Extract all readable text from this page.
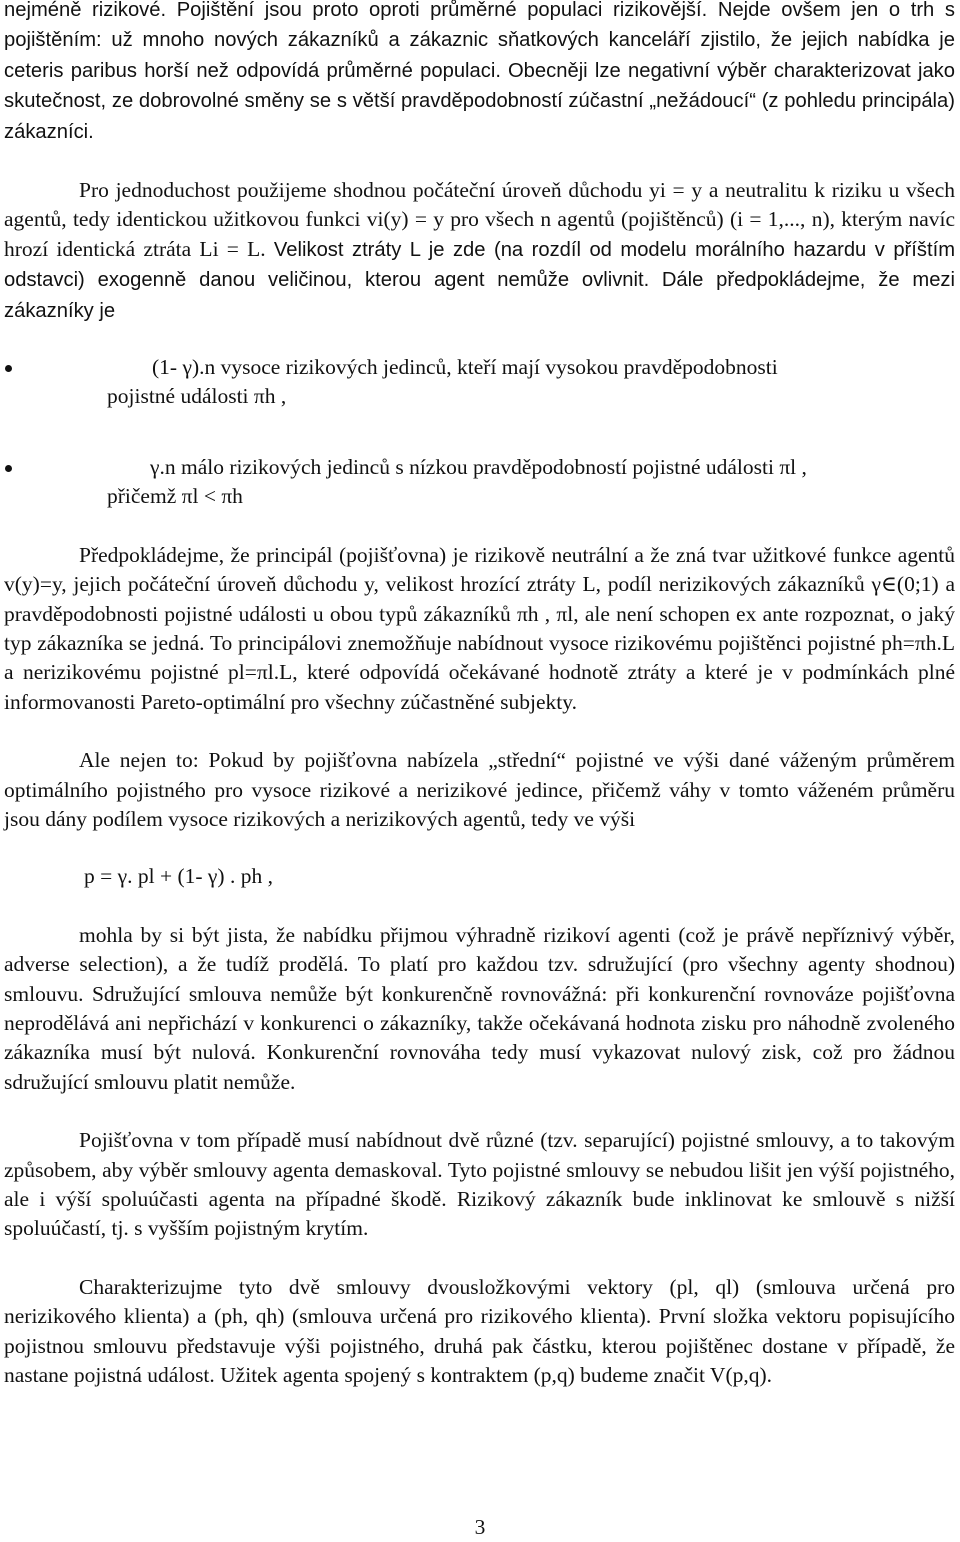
nejméně rizikové. Pojištění jsou proto oproti průměrné populaci rizikovější. Nejde ovšem jen o trh s pojištěním: už mnoho nových zákazníků a zákaznic sňatkových kanceláří zjistilo, že jejich nabídka je ceteris paribus horší než odpovídá průměrné populaci. Obecněji lze negativní výběr charakterizovat jako skutečnost, ze dobrovolné směny se s větší pravděpodobností zúčastní „nežádoucí“ (z pohledu principála) zákazníci.

Pro jednoduchost použijeme shodnou počáteční úroveň důchodu yi = y a neutralitu k riziku u všech agentů, tedy identickou užitkovou funkci vi(y) = y pro všech n agentů (pojištěnců) (i = 1,..., n), kterým navíc hrozí identická ztráta Li = L. Velikost ztráty L je zde (na rozdíl od modelu morálního hazardu v příštím odstavci) exogenně danou veličinou, kterou agent nemůže ovlivnit. Dále předpokládejme, že mezi zákazníky je

(1- γ).n vysoce rizikových jedinců, kteří mají vysokou pravděpodobnosti
pojistné události πh ,
γ.n málo rizikových jedinců s nízkou pravděpodobností pojistné události πl ,
přičemž πl < πh

Předpokládejme, že principál (pojišťovna) je rizikově neutrální a že zná tvar užitkové funkce agentů v(y)=y, jejich počáteční úroveň důchodu y, velikost hrozící ztráty L, podíl nerizikových zákazníků γ∈(0;1) a pravděpodobnosti pojistné události u obou typů zákazníků πh , πl, ale není schopen ex ante rozpoznat, o jaký typ zákazníka se jedná. To principálovi znemožňuje nabídnout vysoce rizikovému pojištěnci pojistné ph=πh.L a nerizikovému pojistné pl=πl.L, které odpovídá očekávané hodnotě ztráty a které je v podmínkách plné informovanosti Pareto-optimální pro všechny zúčastněné subjekty.

Ale nejen to: Pokud by pojišťovna nabízela „střední“ pojistné ve výši dané váženým průměrem optimálního pojistného pro vysoce rizikové a nerizikové jedince, přičemž váhy v tomto váženém průměru jsou dány podílem vysoce rizikových a nerizikových agentů, tedy ve výši

p = γ. pl + (1- γ) . ph ,

mohla by si být jista, že nabídku přijmou výhradně rizikoví agenti (což je právě nepříznivý výběr, adverse selection), a že tudíž prodělá. To platí pro každou tzv. sdružující (pro všechny agenty shodnou) smlouvu. Sdružující smlouva nemůže být konkurenčně rovnovážná: při konkurenční rovnováze pojišťovna neprodělává ani nepřichází v konkurenci o zákazníky, takže očekávaná hodnota zisku pro náhodně zvoleného zákazníka musí být nulová. Konkurenční rovnováha tedy musí vykazovat nulový zisk, což pro žádnou sdružující smlouvu platit nemůže.

Pojišťovna v tom případě musí nabídnout dvě různé (tzv. separující) pojistné smlouvy, a to takovým způsobem, aby výběr smlouvy agenta demaskoval. Tyto pojistné smlouvy se nebudou lišit jen výší pojistného, ale i výší spoluúčasti agenta na případné škodě. Rizikový zákazník bude inklinovat ke smlouvě s nižší spoluúčastí, tj. s vyšším pojistným krytím.

Charakterizujme tyto dvě smlouvy dvousložkovými vektory (pl, ql) (smlouva určená pro nerizikového klienta) a (ph, qh) (smlouva určená pro rizikového klienta). První složka vektoru popisujícího pojistnou smlouvu představuje výši pojistného, druhá pak částku, kterou pojištěnec dostane v případě, že nastane pojistná událost. Užitek agenta spojený s kontraktem (p,q) budeme značit V(p,q).

3
